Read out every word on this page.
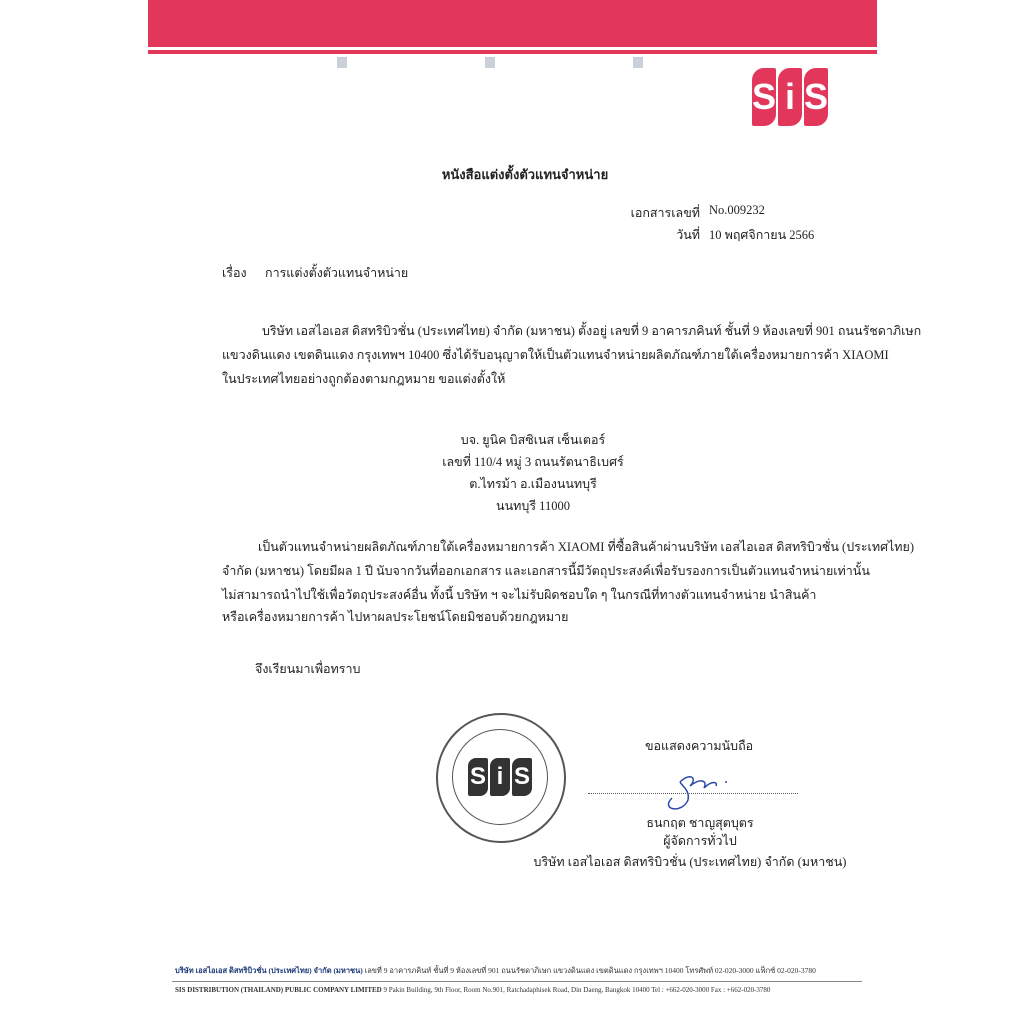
S i S
หนังสือแต่งตั้งตัวแทนจำหน่าย
เอกสารเลขที่ No.009232
วันที่ 10 พฤศจิกายน 2566
เรื่อง การแต่งตั้งตัวแทนจำหน่าย
บริษัท เอสไอเอส ดิสทริบิวชั่น (ประเทศไทย) จำกัด (มหาชน) ตั้งอยู่ เลขที่ 9 อาคารภคินท์ ชั้นที่ 9 ห้องเลขที่ 901 ถนนรัชดาภิเษก
แขวงดินแดง เขตดินแดง กรุงเทพฯ 10400 ซึ่งได้รับอนุญาตให้เป็นตัวแทนจำหน่ายผลิตภัณฑ์ภายใต้เครื่องหมายการค้า XIAOMI
ในประเทศไทยอย่างถูกต้องตามกฎหมาย ขอแต่งตั้งให้
บจ. ยูนิค บิสซิเนส เซ็นเตอร์
เลขที่ 110/4 หมู่ 3 ถนนรัตนาธิเบศร์
ต.ไทรม้า อ.เมืองนนทบุรี
นนทบุรี 11000
เป็นตัวแทนจำหน่ายผลิตภัณฑ์ภายใต้เครื่องหมายการค้า XIAOMI ที่ซื้อสินค้าผ่านบริษัท เอสไอเอส ดิสทริบิวชั่น (ประเทศไทย)
จำกัด (มหาชน) โดยมีผล 1 ปี นับจากวันที่ออกเอกสาร และเอกสารนี้มีวัตถุประสงค์เพื่อรับรองการเป็นตัวแทนจำหน่ายเท่านั้น
ไม่สามารถนำไปใช้เพื่อวัตถุประสงค์อื่น ทั้งนี้ บริษัท ฯ จะไม่รับผิดชอบใด ๆ ในกรณีที่ทางตัวแทนจำหน่าย นำสินค้า
หรือเครื่องหมายการค้า ไปหาผลประโยชน์โดยมิชอบด้วยกฎหมาย
จึงเรียนมาเพื่อทราบ
S i S
ขอแสดงความนับถือ
ธนกฤต ชาญสุตบุตร
ผู้จัดการทั่วไป
บริษัท เอสไอเอส ดิสทริบิวชั่น (ประเทศไทย) จำกัด (มหาชน)
บริษัท เอสไอเอส ดิสทริบิวชั่น (ประเทศไทย) จำกัด (มหาชน) เลขที่ 9 อาคารภคินท์ ชั้นที่ 9 ห้องเลขที่ 901 ถนนรัชดาภิเษก แขวงดินแดง เขตดินแดง กรุงเทพฯ 10400 โทรศัพท์ 02-020-3000 แฟ็กซ์ 02-020-3780
SIS DISTRIBUTION (THAILAND) PUBLIC COMPANY LIMITED 9 Pakin Building, 9th Floor, Room No.901, Ratchadaphisek Road, Din Daeng, Bangkok 10400 Tel : +662-020-3000 Fax : +662-020-3780
